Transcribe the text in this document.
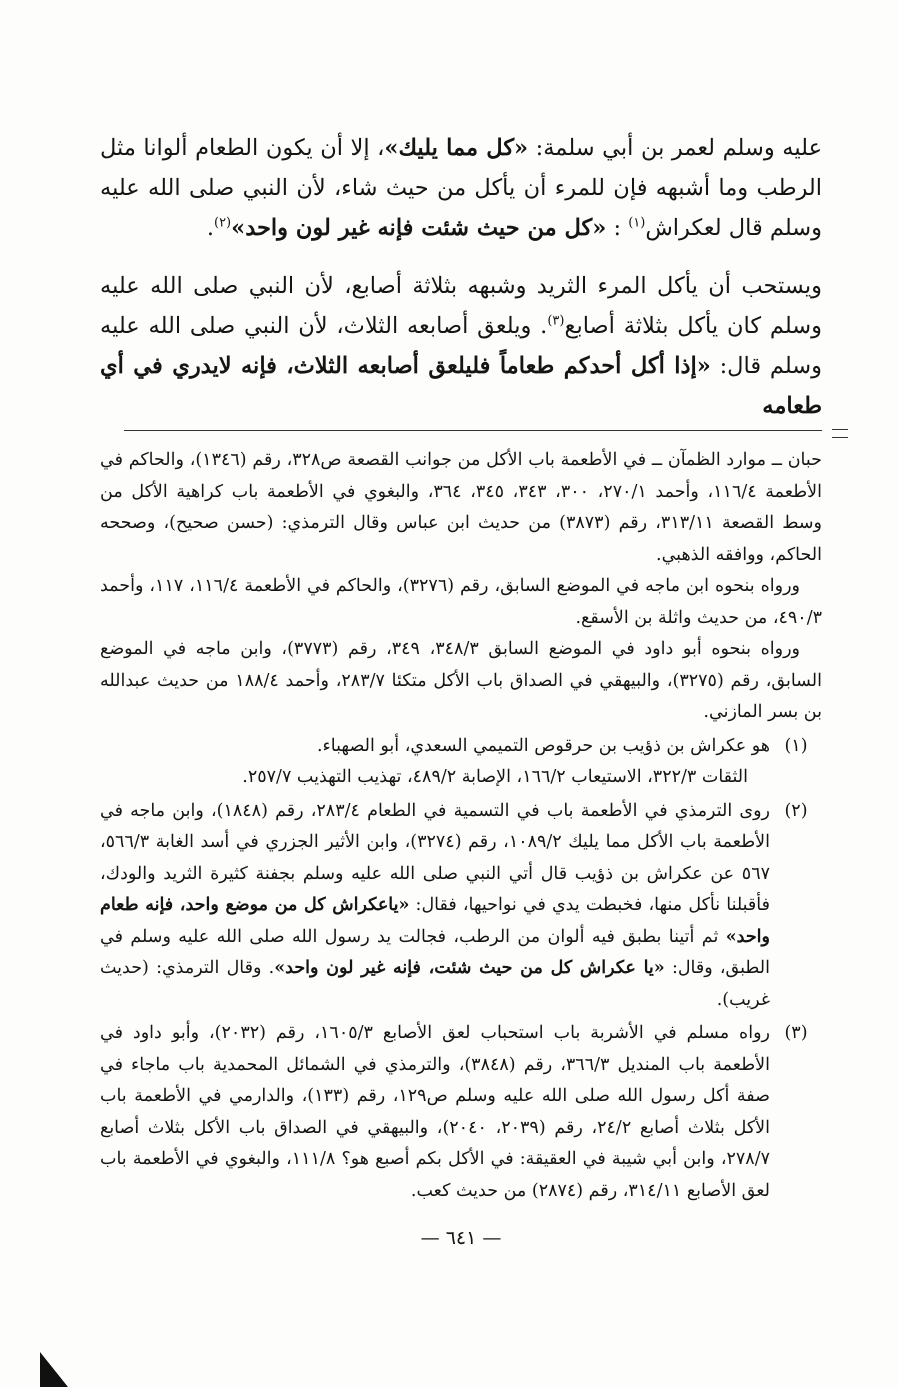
عليه وسلم لعمر بن أبي سلمة: «كل مما يليك»، إلا أن يكون الطعام ألوانا مثل الرطب وما أشبهه فإن للمرء أن يأكل من حيث شاء، لأن النبي صلى الله عليه وسلم قال لعكراش$^{(١)}$ : «كل من حيث شئت فإنه غير لون واحد»$^{(٢)}$.

ويستحب أن يأكل المرء الثريد وشبهه بثلاثة أصابع، لأن النبي صلى الله عليه وسلم كان يأكل بثلاثة أصابع$^{(٣)}$. ويلعق أصابعه الثلاث، لأن النبي صلى الله عليه وسلم قال: «إذا أكل أحدكم طعاماً فليلعق أصابعه الثلاث، فإنه لايدري في أي طعامه

حبان ــ موارد الظمآن ــ في الأطعمة باب الأكل من جوانب القصعة ص٣٢٨، رقم (١٣٤٦)، والحاكم في الأطعمة ١١٦/٤، وأحمد ٢٧٠/١، ٣٠٠، ٣٤٣، ٣٤٥، ٣٦٤، والبغوي في الأطعمة باب كراهية الأكل من وسط القصعة ٣١٣/١١، رقم (٣٨٧٣) من حديث ابن عباس وقال الترمذي: (حسن صحيح)، وصححه الحاكم، ووافقه الذهبي.

ورواه بنحوه ابن ماجه في الموضع السابق، رقم (٣٢٧٦)، والحاكم في الأطعمة ١١٦/٤، ١١٧، وأحمد ٤٩٠/٣، من حديث واثلة بن الأسقع.

ورواه بنحوه أبو داود في الموضع السابق ٣٤٨/٣، ٣٤٩، رقم (٣٧٧٣)، وابن ماجه في الموضع السابق، رقم (٣٢٧٥)، والبيهقي في الصداق باب الأكل متكئا ٢٨٣/٧، وأحمد ١٨٨/٤ من حديث عبدالله بن بسر المازني.

(١)

هو عكراش بن ذؤيب بن حرقوص التميمي السعدي، أبو الصهباء.

الثقات ٣٢٢/٣، الاستيعاب ١٦٦/٢، الإصابة ٤٨٩/٢، تهذيب التهذيب ٢٥٧/٧.

(٢)

روى الترمذي في الأطعمة باب في التسمية في الطعام ٢٨٣/٤، رقم (١٨٤٨)، وابن ماجه في الأطعمة باب الأكل مما يليك ١٠٨٩/٢، رقم (٣٢٧٤)، وابن الأثير الجزري في أسد الغابة ٥٦٦/٣، ٥٦٧ عن عكراش بن ذؤيب قال أتي النبي صلى الله عليه وسلم بجفنة كثيرة الثريد والودك، فأقبلنا نأكل منها، فخبطت يدي في نواحيها، فقال: «ياعكراش كل من موضع واحد، فإنه طعام واحد» ثم أتينا بطبق فيه ألوان من الرطب، فجالت يد رسول الله صلى الله عليه وسلم في الطبق، وقال: «يا عكراش كل من حيث شئت، فإنه غير لون واحد». وقال الترمذي: (حديث غريب).

(٣)

رواه مسلم في الأشربة باب استحباب لعق الأصابع ١٦٠٥/٣، رقم (٢٠٣٢)، وأبو داود في الأطعمة باب المنديل ٣٦٦/٣، رقم (٣٨٤٨)، والترمذي في الشمائل المحمدية باب ماجاء في صفة أكل رسول الله صلى الله عليه وسلم ص١٢٩، رقم (١٣٣)، والدارمي في الأطعمة باب الأكل بثلاث أصابع ٢٤/٢، رقم (٢٠٣٩، ٢٠٤٠)، والبيهقي في الصداق باب الأكل بثلاث أصابع ٢٧٨/٧، وابن أبي شيبة في العقيقة: في الأكل بكم أصبع هو؟ ١١١/٨، والبغوي في الأطعمة باب لعق الأصابع ٣١٤/١١، رقم (٢٨٧٤) من حديث كعب.

— ٦٤١ —
